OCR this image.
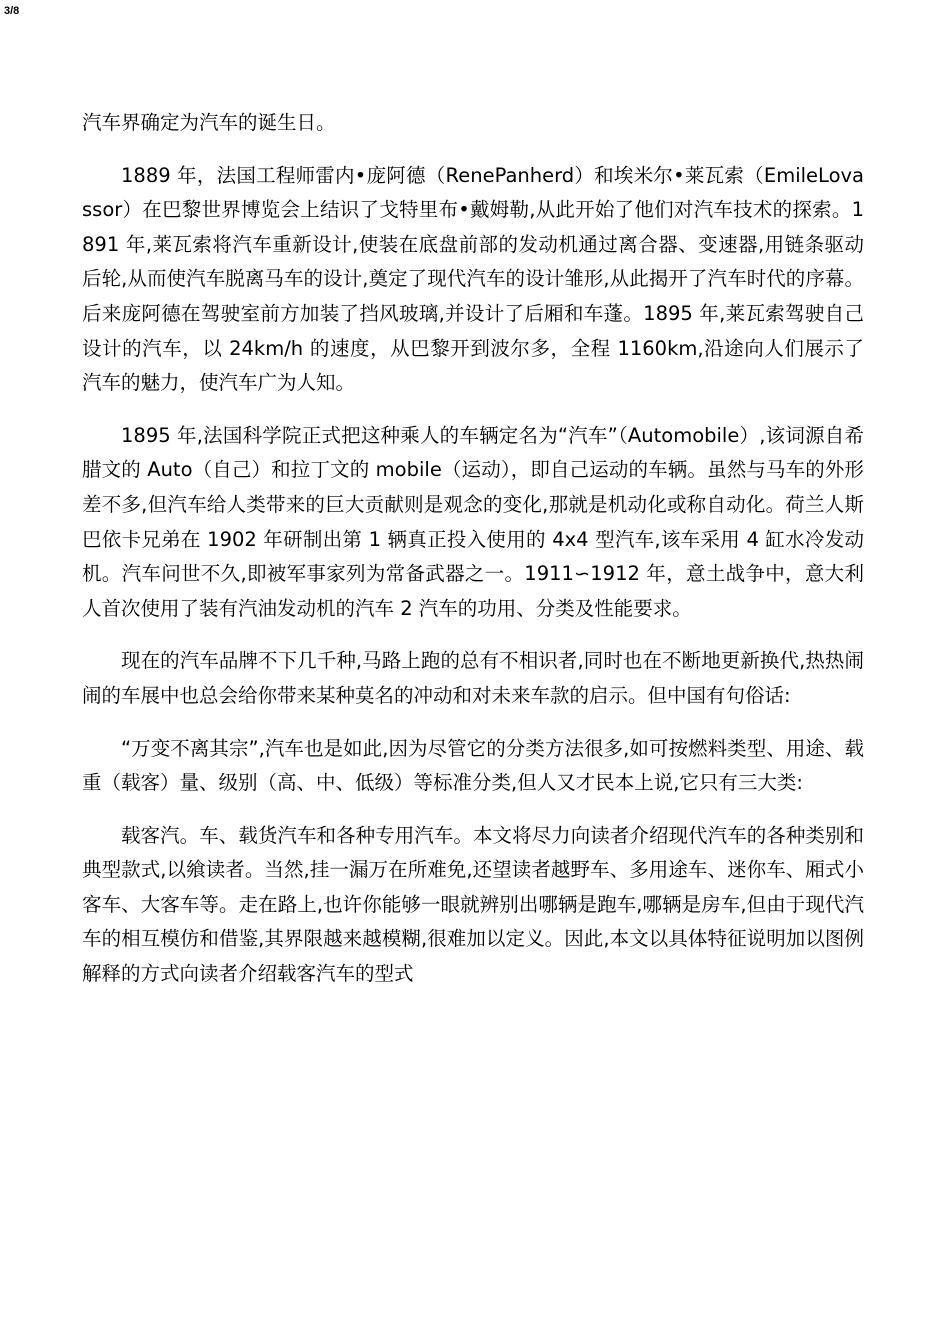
3/8

汽车界确定为汽车的诞生日。

1889 年，法国工程师雷内•庞阿德（RenePanherd）和埃米尔•莱瓦索（EmileLovassor）在巴黎世界博览会上结识了戈特里布•戴姆勒,从此开始了他们对汽车技术的探索。1891 年,莱瓦索将汽车重新设计,使装在底盘前部的发动机通过离合器、变速器,用链条驱动后轮,从而使汽车脱离马车的设计,奠定了现代汽车的设计雏形,从此揭开了汽车时代的序幕。后来庞阿德在驾驶室前方加装了挡风玻璃,并设计了后厢和车蓬。1895 年,莱瓦索驾驶自己设计的汽车，以 24km/h 的速度，从巴黎开到波尔多，全程 1160km,沿途向人们展示了汽车的魅力，使汽车广为人知。

1895 年,法国科学院正式把这种乘人的车辆定名为“汽车”（Automobile）,该词源自希腊文的 Auto（自己）和拉丁文的 mobile（运动），即自己运动的车辆。虽然与马车的外形差不多,但汽车给人类带来的巨大贡献则是观念的变化,那就是机动化或称自动化。荷兰人斯巴依卡兄弟在 1902 年研制出第 1 辆真正投入使用的 4x4 型汽车,该车采用 4 缸水冷发动机。汽车问世不久,即被军事家列为常备武器之一。1911∽1912 年，意土战争中，意大利人首次使用了装有汽油发动机的汽车 2 汽车的功用、分类及性能要求。

现在的汽车品牌不下几千种,马路上跑的总有不相识者,同时也在不断地更新换代,热热闹闹的车展中也总会给你带来某种莫名的冲动和对未来车款的启示。但中国有句俗话:

“万变不离其宗”,汽车也是如此,因为尽管它的分类方法很多,如可按燃料类型、用途、载重（载客）量、级别（高、中、低级）等标准分类,但人又才民本上说,它只有三大类:

载客汽。车、载货汽车和各种专用汽车。本文将尽力向读者介绍现代汽车的各种类别和典型款式,以飨读者。当然,挂一漏万在所难免,还望读者越野车、多用途车、迷你车、厢式小客车、大客车等。走在路上,也许你能够一眼就辨别出哪辆是跑车,哪辆是房车,但由于现代汽车的相互模仿和借鉴,其界限越来越模糊,很难加以定义。因此,本文以具体特征说明加以图例解释的方式向读者介绍载客汽车的型式
